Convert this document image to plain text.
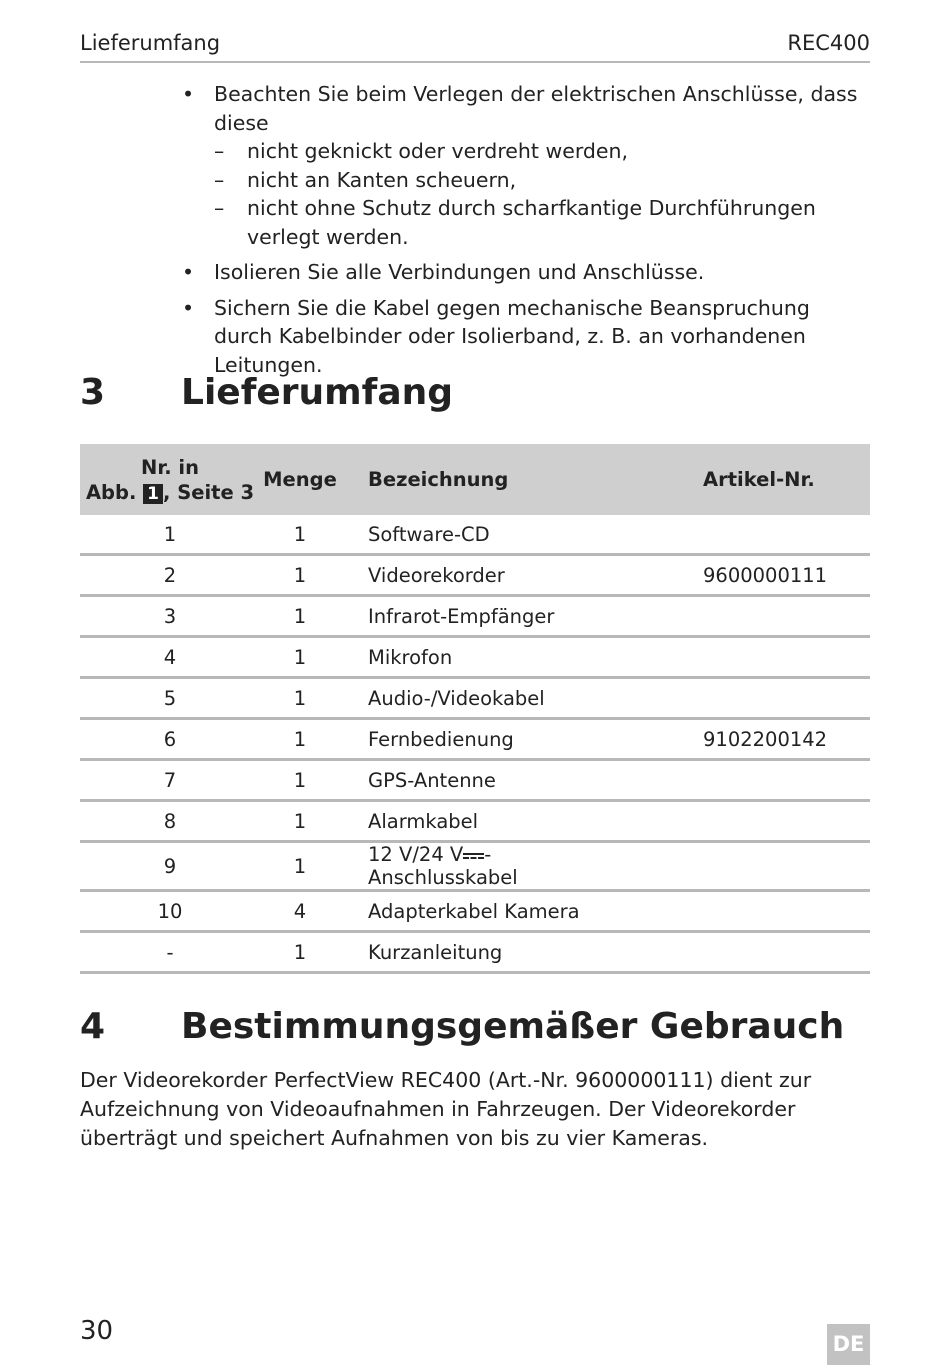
Lieferumfang	REC400
• Beachten Sie beim Verlegen der elektrischen Anschlüsse, dass diese
– nicht geknickt oder verdreht werden,
– nicht an Kanten scheuern,
– nicht ohne Schutz durch scharfkantige Durchführungen verlegt werden.
• Isolieren Sie alle Verbindungen und Anschlüsse.
• Sichern Sie die Kabel gegen mechanische Beanspruchung durch Kabelbinder oder Isolierband, z. B. an vorhandenen Leitungen.
3 Lieferumfang
Nr. in
Abb. 1 , Seite 3	Menge	Bezeichnung	Artikel-Nr.
1	1	Software-CD	
2	1	Videorekorder	9600000111
3	1	Infrarot-Empfänger	
4	1	Mikrofon	
5	1	Audio-/Videokabel	
6	1	Fernbedienung	9102200142
7	1	GPS-Antenne	
8	1	Alarmkabel	
9	1	12 V/24 V -Anschlusskabel	
10	4	Adapterkabel Kamera	
-	1	Kurzanleitung	
4 Bestimmungsgemäßer Gebrauch
Der Videorekorder PerfectView REC400 (Art.-Nr. 9600000111) dient zur Aufzeichnung von Videoaufnahmen in Fahrzeugen. Der Videorekorder überträgt und speichert Aufnahmen von bis zu vier Kameras.
30	DE
